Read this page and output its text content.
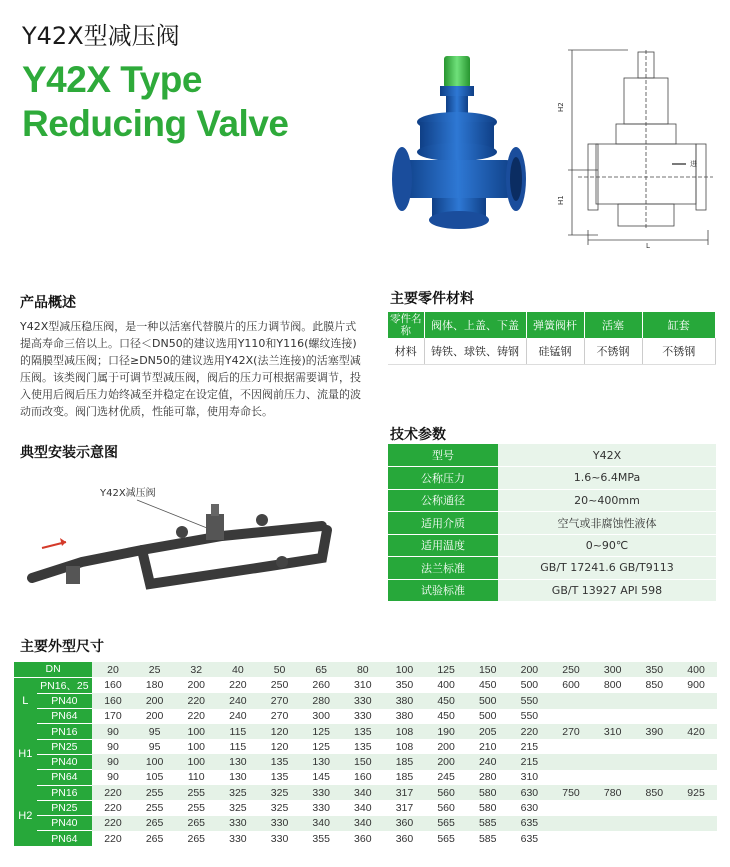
Y42X型减压阀
Y42X Type
Reducing Valve	H2
H1
L
进
产品概述
Y42X型减压稳压阀，是一种以活塞代替膜片的压力调节阀。此膜片式提高寿命三倍以上。口径＜DN50的建议选用Y110和Y116(螺纹连接)的隔膜型减压阀；口径≥DN50的建议选用Y42X(法兰连接)的活塞型减压阀。该类阀门属于可调节型减压阀，阀后的压力可根据需要调节，投入使用后阀后压力始终减至并稳定在设定值，不因阀前压力、流量的波动而改变。阀门选材优质，性能可靠，使用寿命长。
典型安装示意图
Y42X减压阀
主要零件材料
零件名称	阀体、上盖、下盖	弹簧阀杆	活塞	缸套
材料	铸铁、球铁、铸钢	硅锰钢	不锈钢	不锈钢
技术参数
型号	Y42X
公称压力	1.6~6.4MPa
公称通径	20~400mm
适用介质	空气或非腐蚀性液体
适用温度	0~90℃
法兰标准	GB/T 17241.6 GB/T9113
试验标准	GB/T 13927 API 598
主要外型尺寸
DN		20	25	32	40	50	65	80	100	125	150	200	250	300	350	400
L	PN16、25	160	180	200	220	250	260	310	350	400	450	500	600	800	850	900
	PN40	160	200	220	240	270	280	330	380	450	500	550				
	PN64	170	200	220	240	270	300	330	380	450	500	550				
H1	PN16	90	95	100	115	120	125	135	108	190	205	220	270	310	390	420
	PN25	90	95	100	115	120	125	135	108	200	210	215				
	PN40	90	100	100	130	135	130	150	185	200	240	215				
	PN64	90	105	110	130	135	145	160	185	245	280	310				
H2	PN16	220	255	255	325	325	330	340	317	560	580	630	750	780	850	925
	PN25	220	255	255	325	325	330	340	317	560	580	630				
	PN40	220	265	265	330	330	340	340	360	565	585	635				
	PN64	220	265	265	330	330	355	360	360	565	585	635				
